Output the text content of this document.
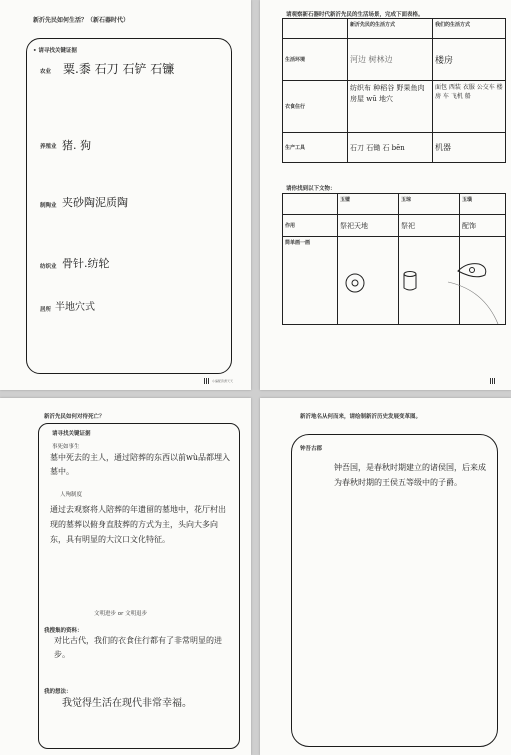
新沂先民如何生活？（新石器时代）
• 请寻找关键证据
农业 粟.黍 石刀 石铲 石镰
养殖业 猪. 狗
制陶业 夹砂陶泥质陶
纺织业 骨针.纺轮
居所 半地穴式
小编配资源天天
请观察新石器时代新沂先民的生活场景，完成下面表格。
	新沂先民的生活方式	我们的生活方式
生活环境	河边 树林边	楼房
衣食住行	纺织布 种稻谷 野果鱼肉 房屋 wū 地穴	面包 西装 衣服 公交车 楼房 车 飞机 船
生产工具	石刀 石锄 石 bēn	机器
请你找到以下文物：
	玉璧	玉琮	玉璜
作用	祭祀天地	祭祀	配饰
简单画一画			
新沂先民如何对待死亡？
请寻找关键证据
事死如事生
墓中死去的主人，通过陪葬的东西以前wù品都埋入墓中。
人殉制度
通过去观察将人陪葬的年遗留的墓地中，花厅村出现的墓葬以俯身直肢葬的方式为主，头向大多向东，具有明显的大汶口文化特征。
文明进步 or 文明退步
我搜集的资料：
对比古代，我们的衣食住行都有了非常明显的进步。
我的想法：
我觉得生活在现代非常幸福。
新沂地名从何而来，请绘制新沂历史发展变革图。
钟吾古郡
钟吾国，是春秋时期建立的诸侯国，后来成为春秋时期的王侯五等级中的子爵。
